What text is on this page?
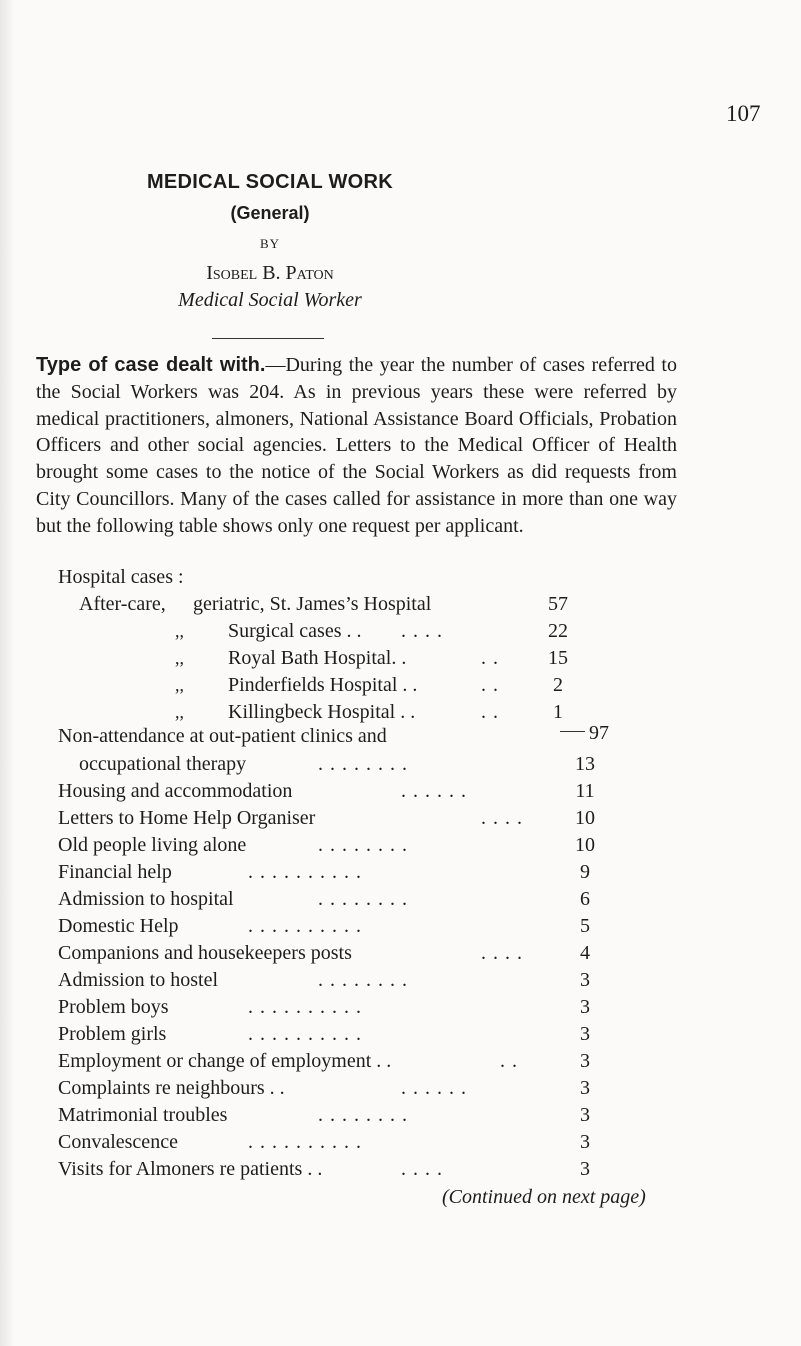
107
MEDICAL SOCIAL WORK
(General)
BY
Isobel B. Paton
Medical Social Worker
Type of case dealt with.—During the year the number of cases referred to the Social Workers was 204. As in previous years these were referred by medical practitioners, almoners, National Assistance Board Officials, Probation Officers and other social agencies. Letters to the Medical Officer of Health brought some cases to the notice of the Social Workers as did requests from City Councillors. Many of the cases called for assistance in more than one way but the following table shows only one request per applicant.
Hospital cases :
After-care, geriatric, St. James’s Hospital	57
,, Surgical cases . . . . . .	22
,, Royal Bath Hospital. .	. .	15
,, Pinderfields Hospital . .	. .	2
,, Killingbeck Hospital . .	. .	1
97
Non-attendance at out-patient clinics and
occupational therapy	. . . . . . . .	13
Housing and accommodation	. . . . . .	11
Letters to Home Help Organiser	. . . .	10
Old people living alone	. . . . . . . .	10
Financial help	. . . . . . . . . .	9
Admission to hospital	. . . . . . . .	6
Domestic Help	. . . . . . . . . .	5
Companions and housekeepers posts	. . . .	4
Admission to hostel	. . . . . . . .	3
Problem boys	. . . . . . . . . .	3
Problem girls	. . . . . . . . . .	3
Employment or change of employment . .	. .	3
Complaints re neighbours . .	. . . . . .	3
Matrimonial troubles	. . . . . . . .	3
Convalescence	. . . . . . . . . .	3
Visits for Almoners re patients . .	. . . .	3
(Continued on next page)
